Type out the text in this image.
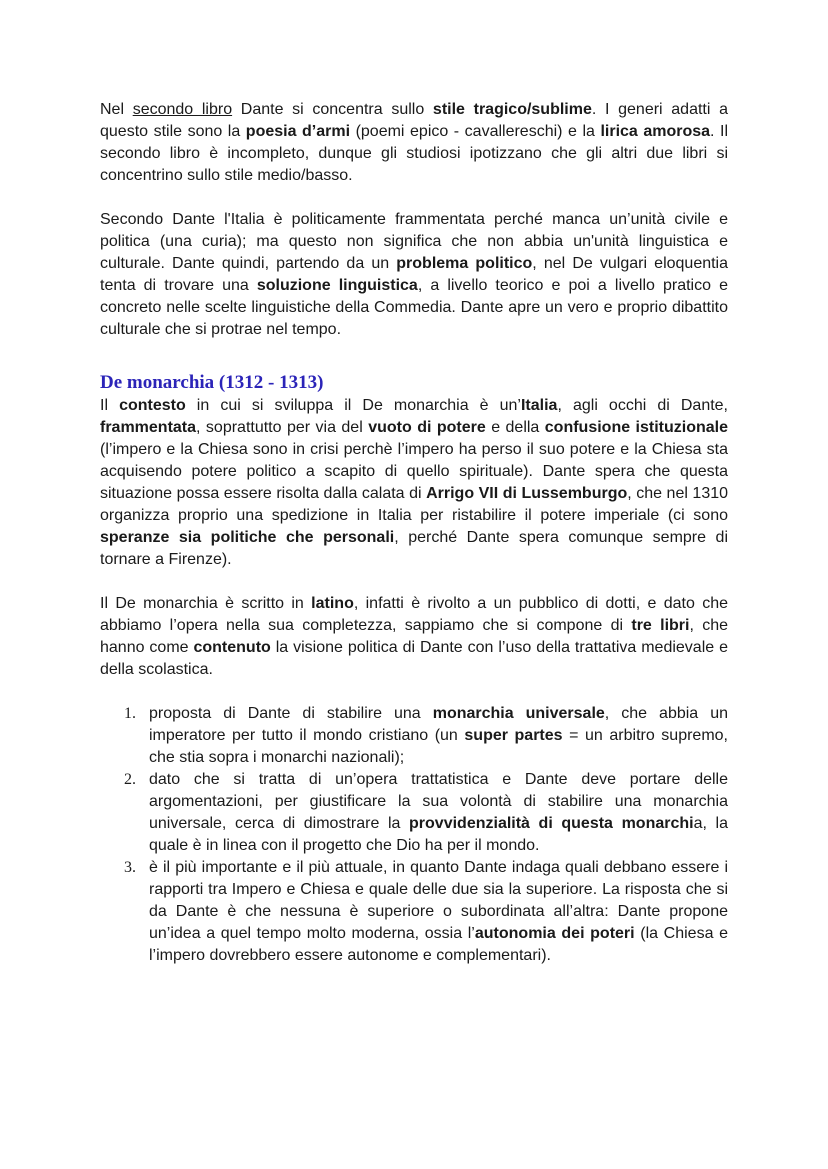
Nel secondo libro Dante si concentra sullo stile tragico/sublime. I generi adatti a questo stile sono la poesia d’armi (poemi epico - cavallereschi) e la lirica amorosa. Il secondo libro è incompleto, dunque gli studiosi ipotizzano che gli altri due libri si concentrino sullo stile medio/basso.

Secondo Dante l'Italia è politicamente frammentata perché manca un’unità civile e politica (una curia); ma questo non significa che non abbia un'unità linguistica e culturale. Dante quindi, partendo da un problema politico, nel De vulgari eloquentia tenta di trovare una soluzione linguistica, a livello teorico e poi a livello pratico e concreto nelle scelte linguistiche della Commedia. Dante apre un vero e proprio dibattito culturale che si protrae nel tempo.

De monarchia (1312 - 1313)

Il contesto in cui si sviluppa il De monarchia è un’Italia, agli occhi di Dante, frammentata, soprattutto per via del vuoto di potere e della confusione istituzionale (l’impero e la Chiesa sono in crisi perchè l’impero ha perso il suo potere e la Chiesa sta acquisendo potere politico a scapito di quello spirituale). Dante spera che questa situazione possa essere risolta dalla calata di Arrigo VII di Lussemburgo, che nel 1310 organizza proprio una spedizione in Italia per ristabilire il potere imperiale (ci sono speranze sia politiche che personali, perché Dante spera comunque sempre di tornare a Firenze).

Il De monarchia è scritto in latino, infatti è rivolto a un pubblico di dotti, e dato che abbiamo l’opera nella sua completezza, sappiamo che si compone di tre libri, che hanno come contenuto la visione politica di Dante con l’uso della trattativa medievale e della scolastica.

1. proposta di Dante di stabilire una monarchia universale, che abbia un imperatore per tutto il mondo cristiano (un super partes = un arbitro supremo, che stia sopra i monarchi nazionali);
2. dato che si tratta di un’opera trattatistica e Dante deve portare delle argomentazioni, per giustificare la sua volontà di stabilire una monarchia universale, cerca di dimostrare la provvidenzialità di questa monarchia, la quale è in linea con il progetto che Dio ha per il mondo.
3. è il più importante e il più attuale, in quanto Dante indaga quali debbano essere i rapporti tra Impero e Chiesa e quale delle due sia la superiore. La risposta che si da Dante è che nessuna è superiore o subordinata all’altra: Dante propone un’idea a quel tempo molto moderna, ossia l’autonomia dei poteri (la Chiesa e l’impero dovrebbero essere autonome e complementari).
